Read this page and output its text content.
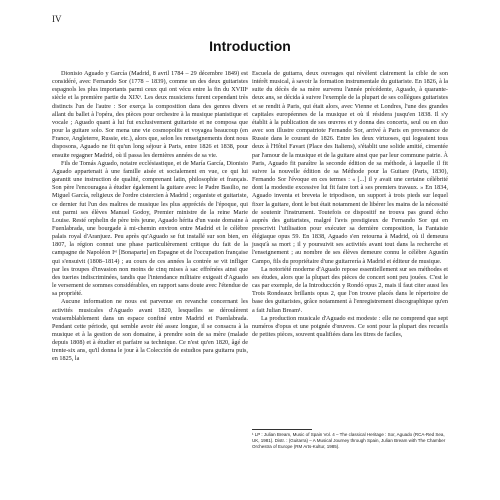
IV
Introduction

Dionisio Aguado y García (Madrid, 8 avril 1784 – 29 décembre 1849) est considéré, avec Fernando Sor (1778 – 1839), comme un des deux guitaristes espagnols les plus importants parmi ceux qui ont vécu entre la fin du XVIIIᵉ siècle et la première partie du XIXᵉ. Les deux musiciens furent cependant très distincts l'un de l'autre : Sor exerça la composition dans des genres divers allant du ballet à l'opéra, des pièces pour orchestre à la musique pianistique et vocale ; Aguado quant à lui fut exclusivement guitariste et ne composa que pour la guitare solo. Sor mena une vie cosmopolite et voyagea beaucoup (en France, Angleterre, Russie, etc.), alors que, selon les renseignements dont nous disposons, Aguado ne fit qu'un long séjour à Paris, entre 1826 et 1838, pour ensuite regagner Madrid, où il passa les dernières années de sa vie.

Fils de Tomás Aguado, notaire ecclésiastique, et de María García, Dionisio Aguado appartenait à une famille aisée et socialement en vue, ce qui lui garantit une instruction de qualité, comprenant latin, philosophie et français. Son père l'encouragea à étudier également la guitare avec le Padre Basilio, ne Miguel García, religieux de l'ordre cistercien à Madrid ; organiste et guitariste, ce dernier fut l'un des maîtres de musique les plus appréciés de l'époque, qui eut parmi ses élèves Manuel Godoy, Premier ministre de la reine Marie Louise. Resté orphelin de père très jeune, Aguado hérita d'un vaste domaine à Fuenlabrada, une bourgade à mi-chemin environ entre Madrid et le célèbre palais royal d'Aranjuez. Peu après qu'Aguado se fut installé sur son bien, en 1807, la région connut une phase particulièrement critique du fait de la campagne de Napoléon Iᵉʳ [Bonaparte] en Espagne et de l'occupation française qui s'ensuivit (1808–1814) ; au cours de ces années la contrée se vit infliger par les troupes d'invasion non moins de cinq mises à sac effrénées ainsi que des tueries indiscriminées, tandis que l'intendance militaire exigeait d'Aguado le versement de sommes considérables, en rapport sans doute avec l'étendue de sa propriété.

Aucune information ne nous est parvenue en revanche concernant les activités musicales d'Aguado avant 1820, lesquelles se déroulèrent vraisemblablement dans un espace confiné entre Madrid et Fuenlabrada. Pendant cette période, qui semble avoir été assez longue, il se consacra à la musique et à la gestion de son domaine, à prendre soin de sa mère (malade depuis 1808) et à étudier et parfaire sa technique. Ce n'est qu'en 1820, âgé de trente-six ans, qu'il donna le jour à la Colección de estudios para guitarra puis, en 1825, la

Escuela de guitarra, deux ouvrages qui révèlent clairement la cible de son intérêt musical, à savoir la formation instrumentale du guitariste. En 1826, à la suite du décès de sa mère survenu l'année précédente, Aguado, à quarante-deux ans, se décida à suivre l'exemple de la plupart de ses collègues guitaristes et se rendit à Paris, qui était alors, avec Vienne et Londres, l'une des grandes capitales européennes de la musique et où il résidera jusqu'en 1838. Il s'y établit à la publication de ses œuvres et y donna des concerts, seul ou en duo avec son illustre compatriote Fernando Sor, arrivé à Paris en provenance de Russie dans le courant de 1826. Entre les deux virtuoses, qui logeaient tous deux à l'Hôtel Favart (Place des Italiens), s'établit une solide amitié, cimentée par l'amour de la musique et de la guitare ainsi que par leur commune patrie. À Paris, Aguado fit paraître la seconde édition de sa méthode, à laquelle il fit suivre la nouvelle édition de sa Méthode pour la Guitare (Paris, 1830), Fernando Sor l'évoque en ces termes : « [...] il y avait une certaine célébrité dont la modestie excessive lui fit faire tort à ses premiers travaux. » En 1834, Aguado inventa et breveta le tripodison, un support à trois pieds sur lequel fixer la guitare, dont le but était notamment de libérer les mains de la nécessité de soutenir l'instrument. Toutefois ce dispositif ne trouva pas grand écho auprès des guitaristes, malgré l'avis prestigieux de Fernando Sor qui en prescrivit l'utilisation pour exécuter sa dernière composition, la Fantaisie élégiaque opus 59. En 1838, Aguado s'en retourna à Madrid, où il demeura jusqu'à sa mort ; il y poursuivit ses activités avant tout dans la recherche et l'enseignement ; au nombre de ses élèves demeure connu le célèbre Agustín Campo, fils du propriétaire d'une guitarrería à Madrid et éditeur de musique.

La notoriété moderne d'Aguado repose essentiellement sur ses méthodes et ses études, alors que la plupart des pièces de concert sont peu jouées. C'est le cas par exemple, de la Introducción y Rondó opus 2, mais il faut citer aussi les Trois Rondeaux brillants opus 2, que l'on trouve placés dans le répertoire de base des guitaristes, grâce notamment à l'enregistrement discographique qu'en a fait Julian Bream¹.

La production musicale d'Aguado est modeste : elle ne comprend que sept numéros d'opus et une poignée d'œuvres. Ce sont pour la plupart des recueils de petites pièces, souvent qualifiées dans les titres de faciles,

¹ LP : Julian Bream, Music of Spain Vol. 4 – The classical Heritage : Sor, Aguado (RCA-Red Sea, UK, 1981). Distr. : (Guitarra) – A Musical Journey through Spain, Julian Bream with The Chamber Orchestra of Europe (RM Arts-Kultur, 1985).
